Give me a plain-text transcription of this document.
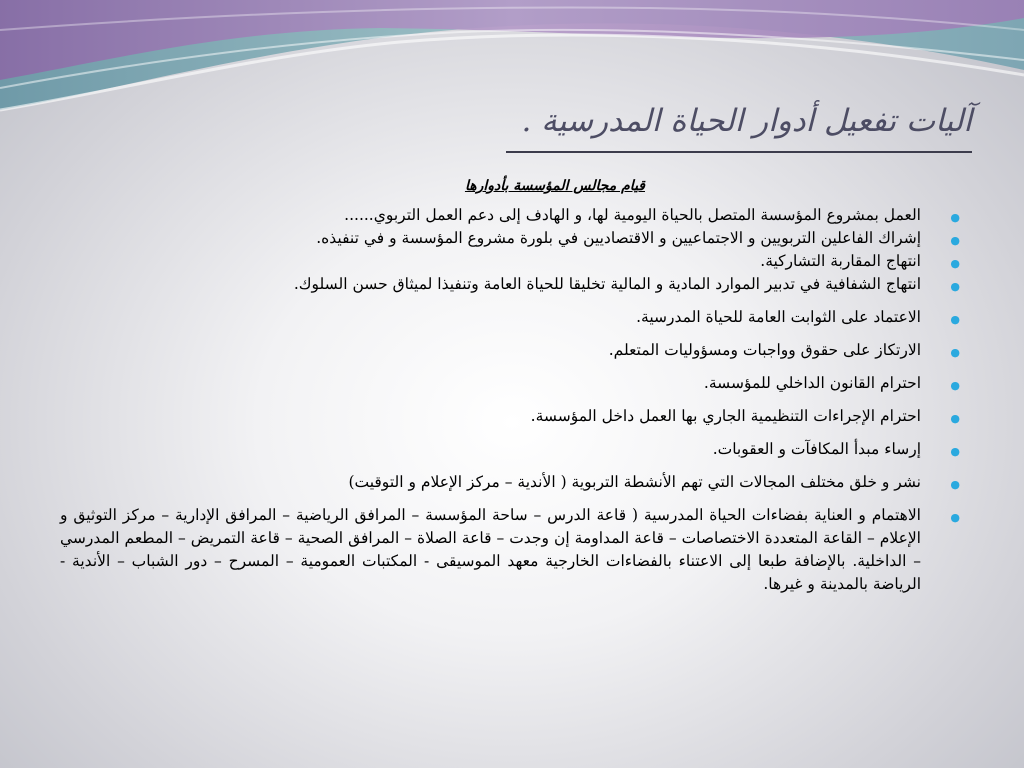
آليات تفعيل أدوار الحياة المدرسية .
قيام مجالس المؤسسة بأدوارها
●
العمل بمشروع المؤسسة المتصل بالحياة اليومية لها، و الهادف إلى دعم العمل التربوي......
●
إشراك الفاعلين التربويين و الاجتماعيين و الاقتصاديين في بلورة مشروع المؤسسة و في تنفيذه.
●
انتهاج المقاربة التشاركية.
●
انتهاج الشفافية في تدبير الموارد المادية و المالية تخليقا للحياة العامة وتنفيذا لميثاق حسن السلوك.
●
الاعتماد على الثوابت العامة للحياة المدرسية.
●
الارتكاز على حقوق وواجبات ومسؤوليات المتعلم.
●
احترام القانون الداخلي للمؤسسة.
●
احترام الإجراءات التنظيمية الجاري بها العمل داخل المؤسسة.
●
إرساء مبدأ المكافآت و العقوبات.
●
نشر و خلق مختلف المجالات التي تهم الأنشطة التربوية ( الأندية – مركز الإعلام و التوقيت)
●
الاهتمام و العناية بفضاءات الحياة المدرسية ( قاعة الدرس – ساحة المؤسسة – المرافق الرياضية – المرافق الإدارية – مركز التوثيق و الإعلام – القاعة المتعددة الاختصاصات – قاعة المداومة إن وجدت – قاعة الصلاة – المرافق الصحية – قاعة التمريض – المطعم المدرسي – الداخلية. بالإضافة طبعا إلى الاعتناء بالفضاءات الخارجية معهد الموسيقى - المكتبات العمومية – المسرح – دور الشباب – الأندية - الرياضة بالمدينة و غيرها.
